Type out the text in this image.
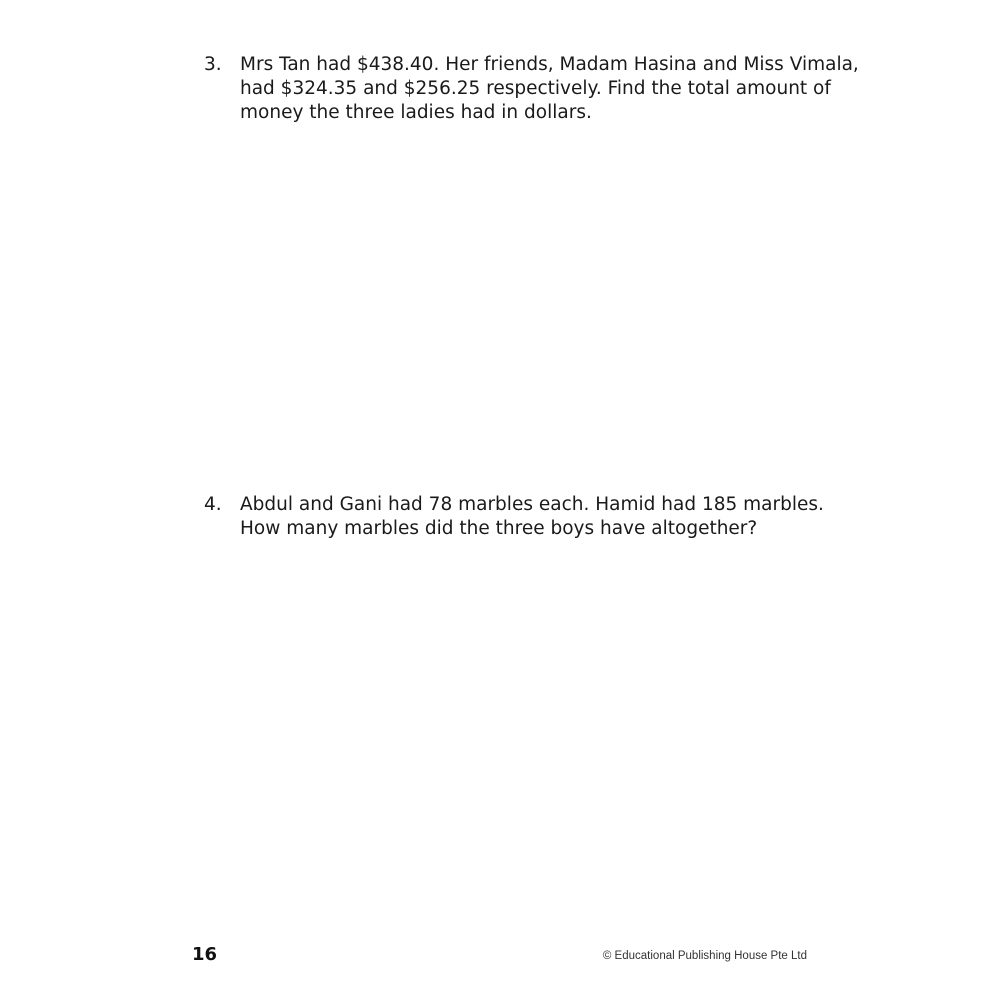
3. Mrs Tan had $438.40. Her friends, Madam Hasina and Miss Vimala,
had $324.35 and $256.25 respectively. Find the total amount of
money the three ladies had in dollars.
4. Abdul and Gani had 78 marbles each. Hamid had 185 marbles.
How many marbles did the three boys have altogether?
16	© Educational Publishing House Pte Ltd
